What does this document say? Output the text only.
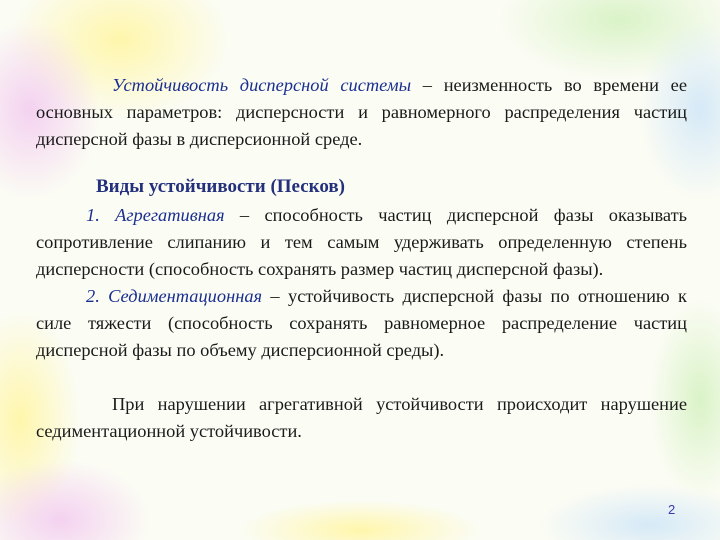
Устойчивость дисперсной системы – неизменность во времени ее основных параметров: дисперсности и равномерного распределения частиц дисперсной фазы в дисперсионной среде.

Виды устойчивости (Песков)

1. Агрегативная – способность частиц дисперсной фазы оказывать сопротивление слипанию и тем самым удерживать определенную степень дисперсности (способность сохранять размер частиц дисперсной фазы).

2. Седиментационная – устойчивость дисперсной фазы по отношению к силе тяжести (способность сохранять равномерное распределение частиц дисперсной фазы по объему дисперсионной среды).

При нарушении агрегативной устойчивости происходит нарушение седиментационной устойчивости.

2
